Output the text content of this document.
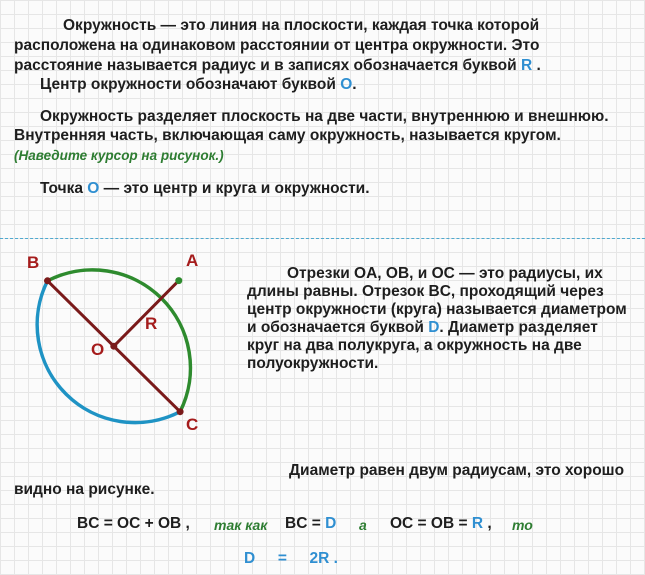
Окружность — это линия на плоскости, каждая точка которой
расположена на одинаковом расстоянии от центра окружности. Это
расстояние называется радиус и в записях обозначается буквой R .
Центр окружности обозначают буквой O.
Окружность разделяет плоскость на две части, внутреннюю и внешнюю.
Внутренняя часть, включающая саму окружность, называется кругом.
(Наведите курсор на рисунок.)
Точка O — это центр и круга и окружности.
B	A
O
R
C
Отрезки OA, OB, и OC — это радиусы, их
длины равны. Отрезок BC, проходящий через
центр окружности (круга) называется диаметром
и обозначается буквой D. Диаметр разделяет
круг на два полукруга, а окружность на две
полуокружности.
Диаметр равен двум радиусам, это хорошо
видно на рисунке.
BC = OC + OB , так как BC = D а OC = OB = R , то
D = 2R .
